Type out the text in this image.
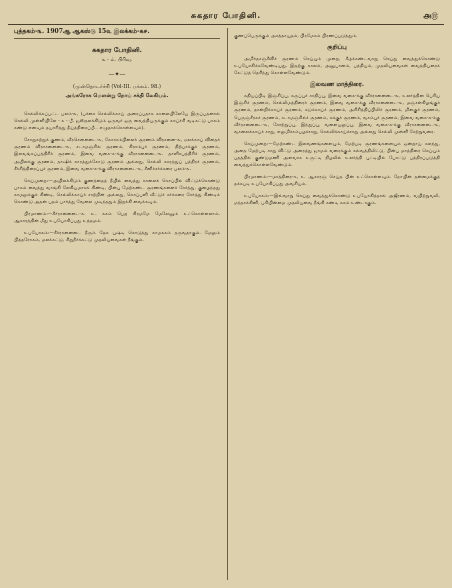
சுகதார போதினி.	௮௫
புத்தகம்-௩. 1907ஆ ஆகஸ்டு 15௳ இலக்கம்-௧௪.
சுகதார போதினி.
௩ - ம். பிரிவு.
—✦—
(முன்தொடர்ச்சி (Vol-III. பக்கம். 98.)
அங்கரோக மௌன்று நோய் சக்தி லேகியம்.

செல்லிக்கப்பட்ட பலம்-௩, (பச்சை செல்லிக்காய் அரைப்பதாக காலையிலேயே இருப்பதனால் செல்லி முள்ளியிலே - ௧ - பீ. ஜஸ்தலக்கிடும் ஒருவர் ஒரு வைத்தியருக்கும் காய்ச்சி வடிகட்டு பாகம் கண்டு எனவும் தயாரித்து தீய்த்திரைப்பீட எழுதாக்கொள்ளவும்).

சோறுகற்றுக் குணம், வீரசெனைடை-௩, கோசாம்பிலைச் சூரணம் விரசனை-௬, ஏலக்காய் விதைச் சூரணம் விராசனைடை-௩, சடாமஞ்சில் சூரணம், கிராம்புச் சூரணம், திற்பாக்குச் சூரணம், இலவங்கப்பத்திரிச் சூரணம், இவை வகை-௧-க்கு வீராசனைடை-௩. தாளிசபத்திரிச் சூரணம், அயிலக்கு சூரணம், தாஷிக் காரத்துக்கோடு சூரணம் அல்லது, செல்லி காரத்துப் பத்திரச் சூரணம், சீச்சித்திரைப்புச் சூரணம், இவை வகை-க-க்கு விராசனைடை-௩, சீனிச்சர்க்கரை பலம்-௩.

செய்முறை:—அயிலக்கிடும் குணத்தைத் தீயில் வைத்து காலைக் கொப்பில் விட்டுக்கொண்டு பாகம் வைத்து வாங்கி லேகியமாகக் கிண்டி, பின்பு மேற்கண்ட சூரணங்களைச் சேர்த்து, குழைந்தது காமலுக்குக் கிண்டி, செல்லிக்காய்ச் சாற்றின் அல்லது, கொப்பளி வீட்டுச் சர்க்கரை சேர்த்து கிண்டிக் கொண்டு அதன் பதம் பார்த்து வேலை முடிந்ததும் இறக்கி வைக்கவும்.

பிரமாணம்:—கீர்ரசனைடை-௧. உ. சுகம் பெற கிரமமே மேலேனும் உட்கொள்ளலாம். ஆகாரத்தின் மீது உபயோகிப்பது உத்தமம்.

உபயோகம்:—கீர்ரசனைடை தீரும் தேக புஷ்டி கொடுத்து காமசுகம் தருவதாகும். மேலும் பித்தரோகம், மலக்கட்டு, சிறுநீர்க்கட்டு முதலியவைகள் நீங்கும்.

குணப்பெருக்கும் அசத்தாயுதம், பிரமேகம் பிரணப்படுத்தும்.

குறிப்பு

அமிர்தசஞ்சீவிச் சூரணம் செய்யும் முறை, கீழ்க்கண்டவாறு செய்து வைத்துக்கொண்டு உபயோகிக்கவேண்டியது. இதற்கு காலம், அனுபானம், பத்தியம், முதலியவைகள் வைத்தியரைக் கேட்டுத் தெரிந்து கொள்ளவேண்டும்.

இலவண மாத்திரை.

சுதியப்பிடி இஞ்சிப்பு, சுருப்புச் சாதிப்பு, இவை வகை-க்கு வீர்ரசனைடை-௩, உலர்த்தின பெரிய இஞ்சிச் சூரணம், செல்லிமத்திரைச் சூரணம், இவை வகை-க்கு வீராசனைடை-௩, மஞ்சள்கிழங்குச் சூரணம், தான்றிக்காய்ச் சூரணம், கடுக்காய்ச் சூரணம், அரிசித்திப்பிலிச் சூரணம், மிளகுச் சூரணம், பெருஞ்சீரகச் சூரணம், சடாமஞ்சில்ச் சூரணம், சுக்குச் சூரணம், வசம்புச் சூரணம், இவை வகை-க-க்கு வீர்ரசனைடை-௩, சோற்றுப்பு, இந்துப்பு, வளையலுப்பு, இவை வகை-க-க்கு வீராசனைடை-௩, வசலைக்காய்ச் சாறு, எலுமிச்சம்பழச்சாறு, செல்லிக்காய்ச்சாறு அல்லது செல்லி முள்ளி சேற்றுவரை.

செய்முறை:—மேற்கண்ட இலவணங்களையும், மேற்படி சூரணங்களையும் ஒன்றாய் கலந்து, அதை மேற்படி சாறு விட்டு அரைத்து ஜாமம் வரைக்கும் கல்வத்திலிட்டு, பின்பு மாத்திரை செய்யும் பதத்தில் குண்டுமணி அளவாக உருட்டி நிழலில் உலர்த்தி புட்டியில் போட்டு பத்திரப்படுத்தி வைத்துக்கொள்ளவேண்டும்.

பிரமாணம்:—மாத்திரை-௧, ௨. ஆகாரஞ் செய்த பின் உட்கொள்ளவும். நோயின் தன்மைக்குத் தக்கபடி உபயோகிப்பது அவசியம்.

உபயோகம்:—இவ்வாறு செய்து வைத்துக்கொண்டு உபயோகித்தால் அஜீரணம், வயிற்றுவலி, மந்தாக்கினி, பசியின்மை முதலியவை நீங்கி கண்டி சுகம் உண்டாகும்.
